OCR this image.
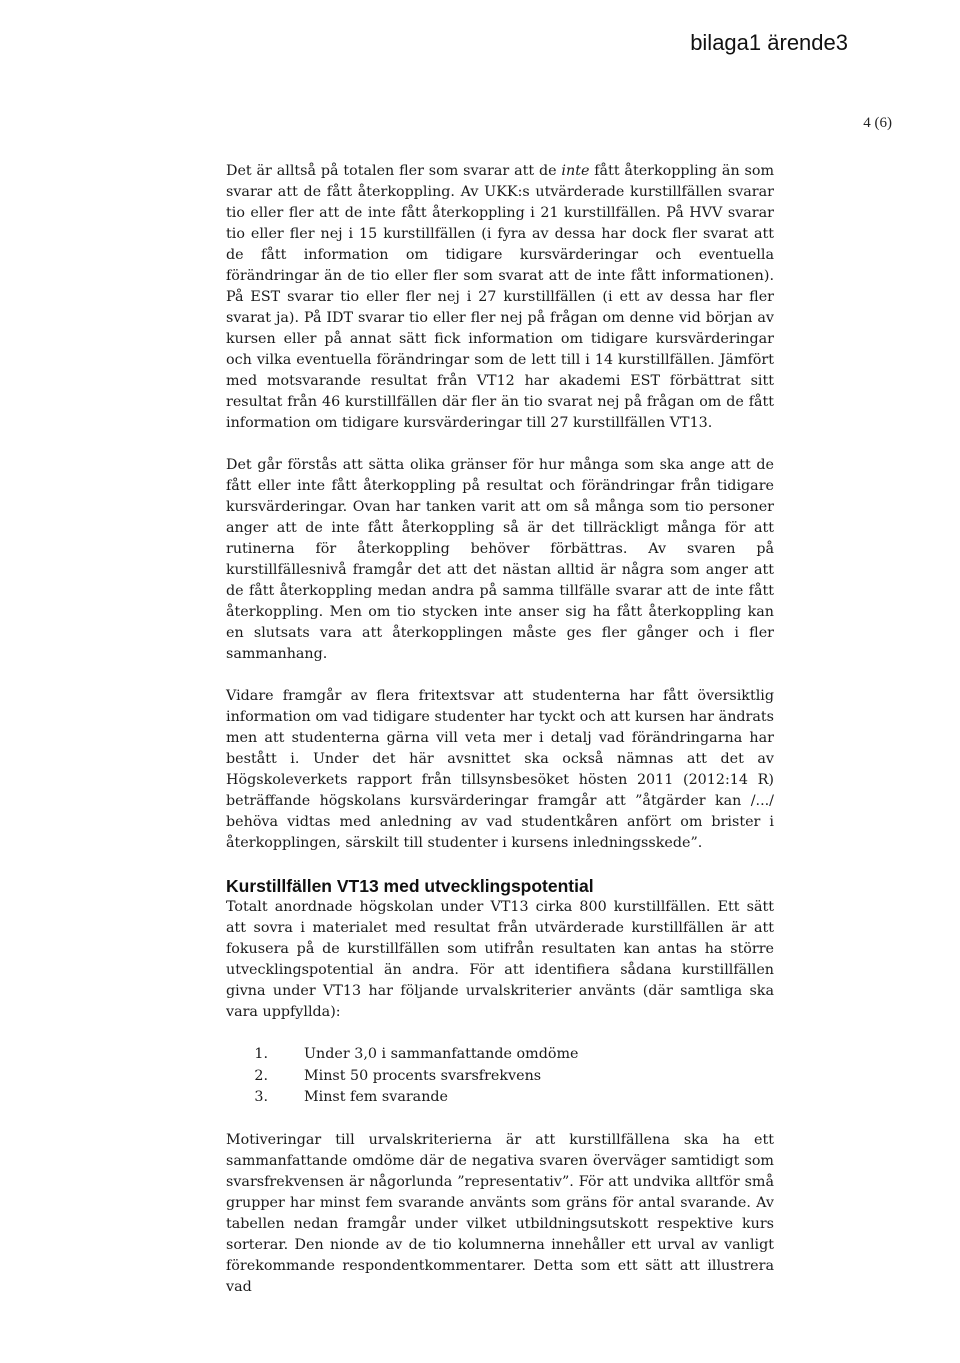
bilaga1 ärende3
4 (6)

Det är alltså på totalen fler som svarar att de inte fått återkoppling än som svarar att de fått återkoppling. Av UKK:s utvärderade kurstillfällen svarar tio eller fler att de inte fått återkoppling i 21 kurstillfällen. På HVV svarar tio eller fler nej i 15 kurstillfällen (i fyra av dessa har dock fler svarat att de fått information om tidigare kursvärderingar och eventuella förändringar än de tio eller fler som svarat att de inte fått informationen). På EST svarar tio eller fler nej i 27 kurstillfällen (i ett av dessa har fler svarat ja). På IDT svarar tio eller fler nej på frågan om denne vid början av kursen eller på annat sätt fick information om tidigare kursvärderingar och vilka eventuella förändringar som de lett till i 14 kurstillfällen. Jämfört med motsvarande resultat från VT12 har akademi EST förbättrat sitt resultat från 46 kurstillfällen där fler än tio svarat nej på frågan om de fått information om tidigare kursvärderingar till 27 kurstillfällen VT13.

Det går förstås att sätta olika gränser för hur många som ska ange att de fått eller inte fått återkoppling på resultat och förändringar från tidigare kursvärderingar. Ovan har tanken varit att om så många som tio personer anger att de inte fått återkoppling så är det tillräckligt många för att rutinerna för återkoppling behöver förbättras. Av svaren på kurstillfällesnivå framgår det att det nästan alltid är några som anger att de fått återkoppling medan andra på samma tillfälle svarar att de inte fått återkoppling. Men om tio stycken inte anser sig ha fått återkoppling kan en slutsats vara att återkopplingen måste ges fler gånger och i fler sammanhang.

Vidare framgår av flera fritextsvar att studenterna har fått översiktlig information om vad tidigare studenter har tyckt och att kursen har ändrats men att studenterna gärna vill veta mer i detalj vad förändringarna har bestått i. Under det här avsnittet ska också nämnas att det av Högskoleverkets rapport från tillsynsbesöket hösten 2011 (2012:14 R) beträffande högskolans kursvärderingar framgår att ”åtgärder kan /.../ behöva vidtas med anledning av vad studentkåren anfört om brister i återkopplingen, särskilt till studenter i kursens inledningsskede”.

Kurstillfällen VT13 med utvecklingspotential

Totalt anordnade högskolan under VT13 cirka 800 kurstillfällen. Ett sätt att sovra i materialet med resultat från utvärderade kurstillfällen är att fokusera på de kurstillfällen som utifrån resultaten kan antas ha större utvecklingspotential än andra. För att identifiera sådana kurstillfällen givna under VT13 har följande urvalskriterier använts (där samtliga ska vara uppfyllda):

1.	Under 3,0 i sammanfattande omdöme
2.	Minst 50 procents svarsfrekvens
3.	Minst fem svarande

Motiveringar till urvalskriterierna är att kurstillfällena ska ha ett sammanfattande omdöme där de negativa svaren överväger samtidigt som svarsfrekvensen är någorlunda ”representativ”. För att undvika alltför små grupper har minst fem svarande använts som gräns för antal svarande. Av tabellen nedan framgår under vilket utbildningsutskott respektive kurs sorterar. Den nionde av de tio kolumnerna innehåller ett urval av vanligt förekommande respondentkommentarer. Detta som ett sätt att illustrera vad
